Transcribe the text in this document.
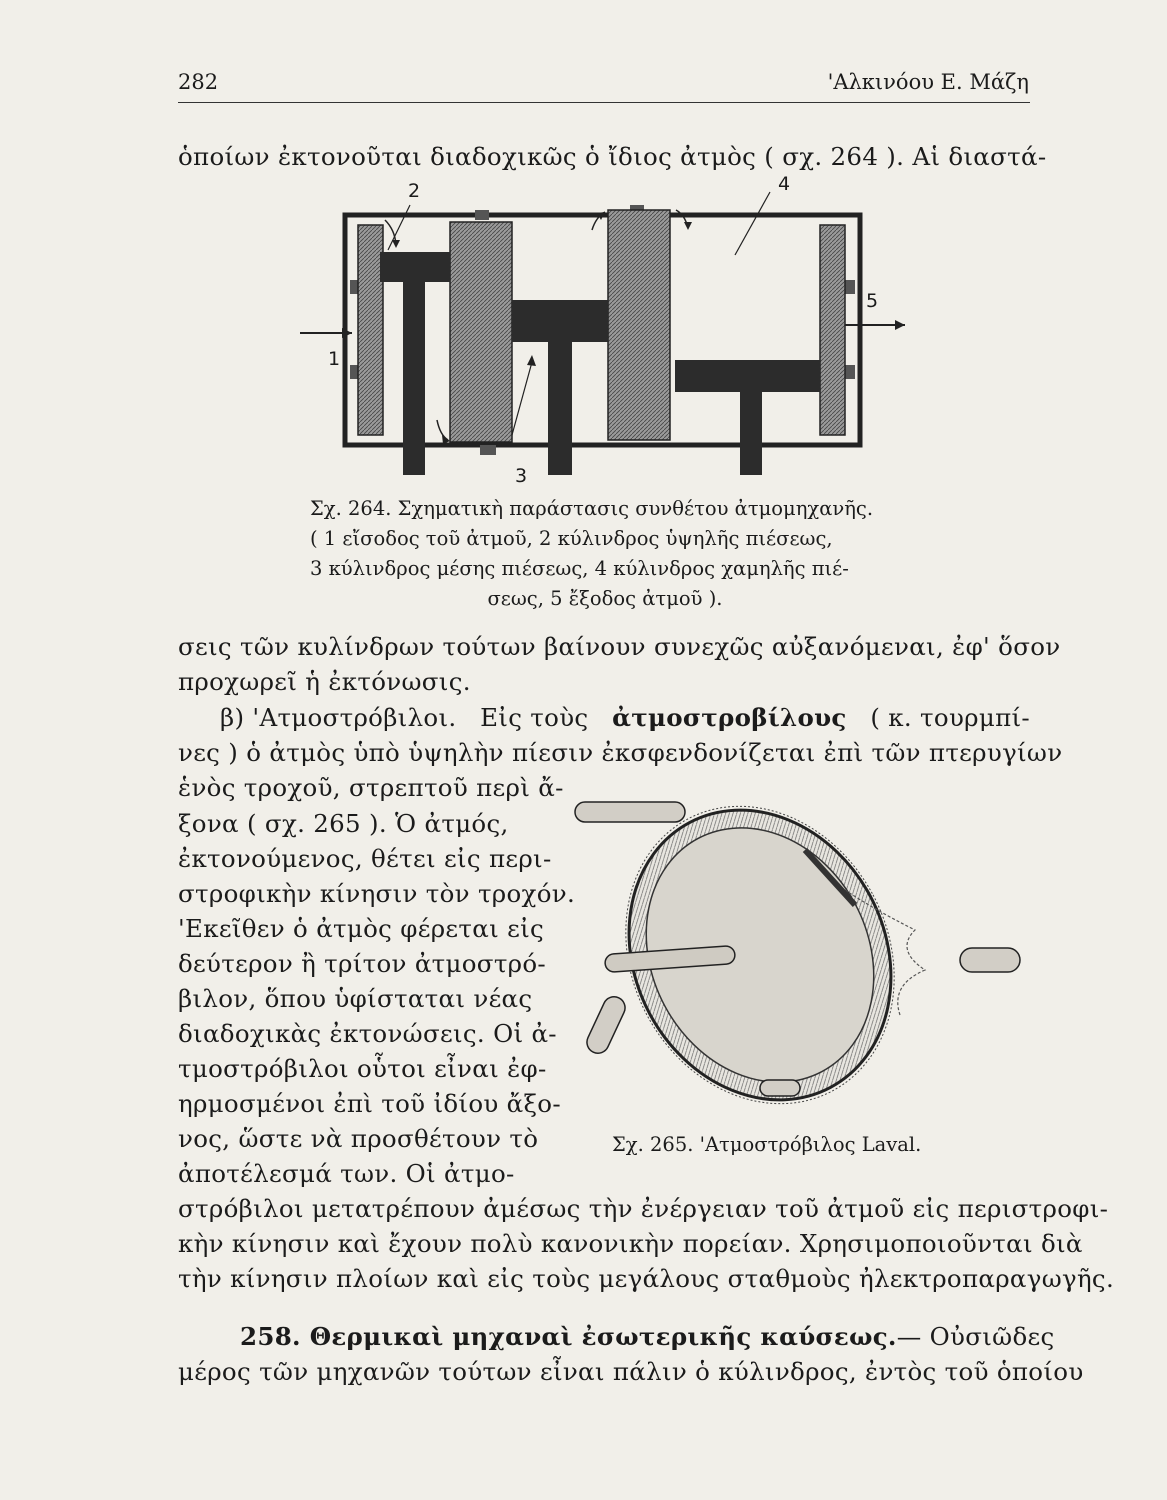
282	'Αλκινόου Ε. Μάζη
ὁποίων ἐκτονοῦται διαδοχικῶς ὁ ἴδιος ἀτμὸς ( σχ. 264 ). Αἱ διαστά-
1
2
3
4
5
Σχ. 264. Σχηματικὴ παράστασις συνθέτου ἀτμομηχανῆς.
( 1 εἴσοδος τοῦ ἀτμοῦ, 2 κύλινδρος ὑψηλῆς πιέσεως,
3 κύλινδρος μέσης πιέσεως, 4 κύλινδρος χαμηλῆς πιέ-
σεως, 5 ἔξοδος ἀτμοῦ ).
σεις τῶν κυλίνδρων τούτων βαίνουν συνεχῶς αὐξανόμεναι, ἐφ' ὅσον
προχωρεῖ ἡ ἐκτόνωσις.
β) 'Ατμοστρόβιλοι. Εἰς τοὺς ἀτμοστροβίλους ( κ. τουρμπί-
νες ) ὁ ἀτμὸς ὑπὸ ὑψηλὴν πίεσιν ἐκσφενδονίζεται ἐπὶ τῶν πτερυγίων
ἑνὸς τροχοῦ, στρεπτοῦ περὶ ἄ-
ξονα ( σχ. 265 ). Ὁ ἀτμός,
ἐκτονούμενος, θέτει εἰς περι-
στροφικὴν κίνησιν τὸν τροχόν.
'Εκεῖθεν ὁ ἀτμὸς φέρεται εἰς
δεύτερον ἢ τρίτον ἀτμοστρό-
βιλον, ὅπου ὑφίσταται νέας
διαδοχικὰς ἐκτονώσεις. Οἱ ἀ-
τμοστρόβιλοι οὗτοι εἶναι ἐφ-
ηρμοσμένοι ἐπὶ τοῦ ἰδίου ἄξο-
νος, ὥστε νὰ προσθέτουν τὸ
ἀποτέλεσμά των. Οἱ ἀτμο-
Σχ. 265. 'Ατμοστρόβιλος Laval.
στρόβιλοι μετατρέπουν ἀμέσως τὴν ἐνέργειαν τοῦ ἀτμοῦ εἰς περιστροφι-
κὴν κίνησιν καὶ ἔχουν πολὺ κανονικὴν πορείαν. Χρησιμοποιοῦνται διὰ
τὴν κίνησιν πλοίων καὶ εἰς τοὺς μεγάλους σταθμοὺς ἠλεκτροπαραγωγῆς.
258. Θερμικαὶ μηχαναὶ ἐσωτερικῆς καύσεως. — Οὐσιῶδες
μέρος τῶν μηχανῶν τούτων εἶναι πάλιν ὁ κύλινδρος, ἐντὸς τοῦ ὁποίου
